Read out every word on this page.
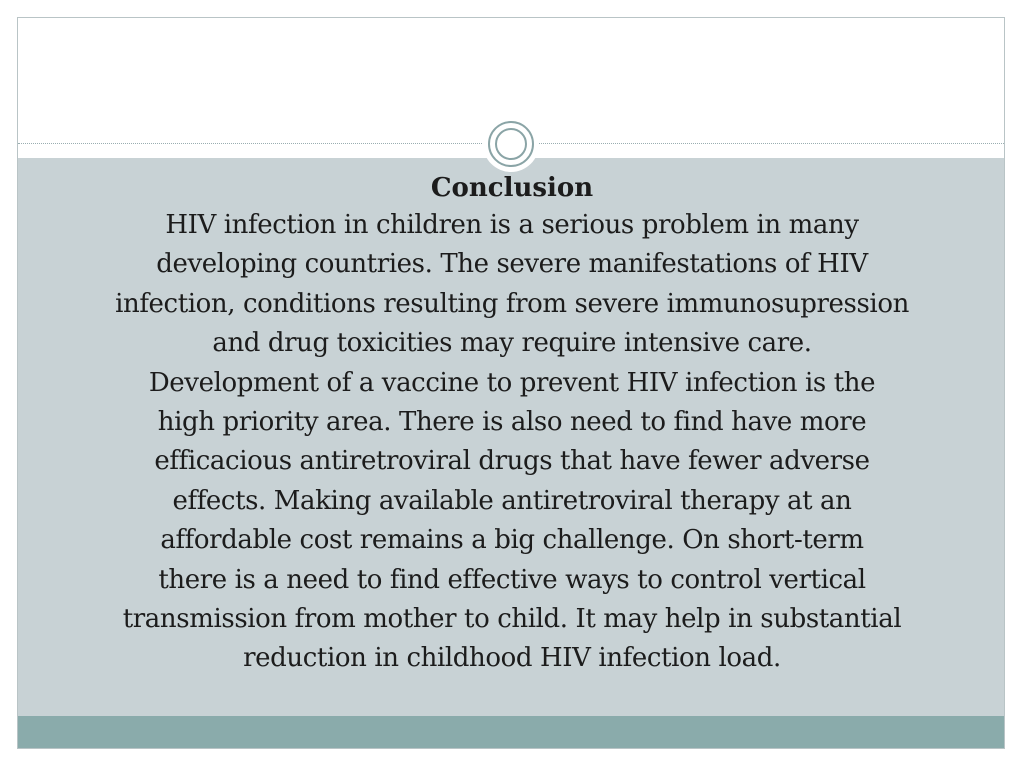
Conclusion

HIV infection in children is a serious problem in many
developing countries. The severe manifestations of HIV
infection, conditions resulting from severe immunosupression
and drug toxicities may require intensive care.
Development of a vaccine to prevent HIV infection is the
high priority area. There is also need to find have more
efficacious antiretroviral drugs that have fewer adverse
effects. Making available antiretroviral therapy at an
affordable cost remains a big challenge. On short-term
there is a need to find effective ways to control vertical
transmission from mother to child. It may help in substantial
reduction in childhood HIV infection load.
